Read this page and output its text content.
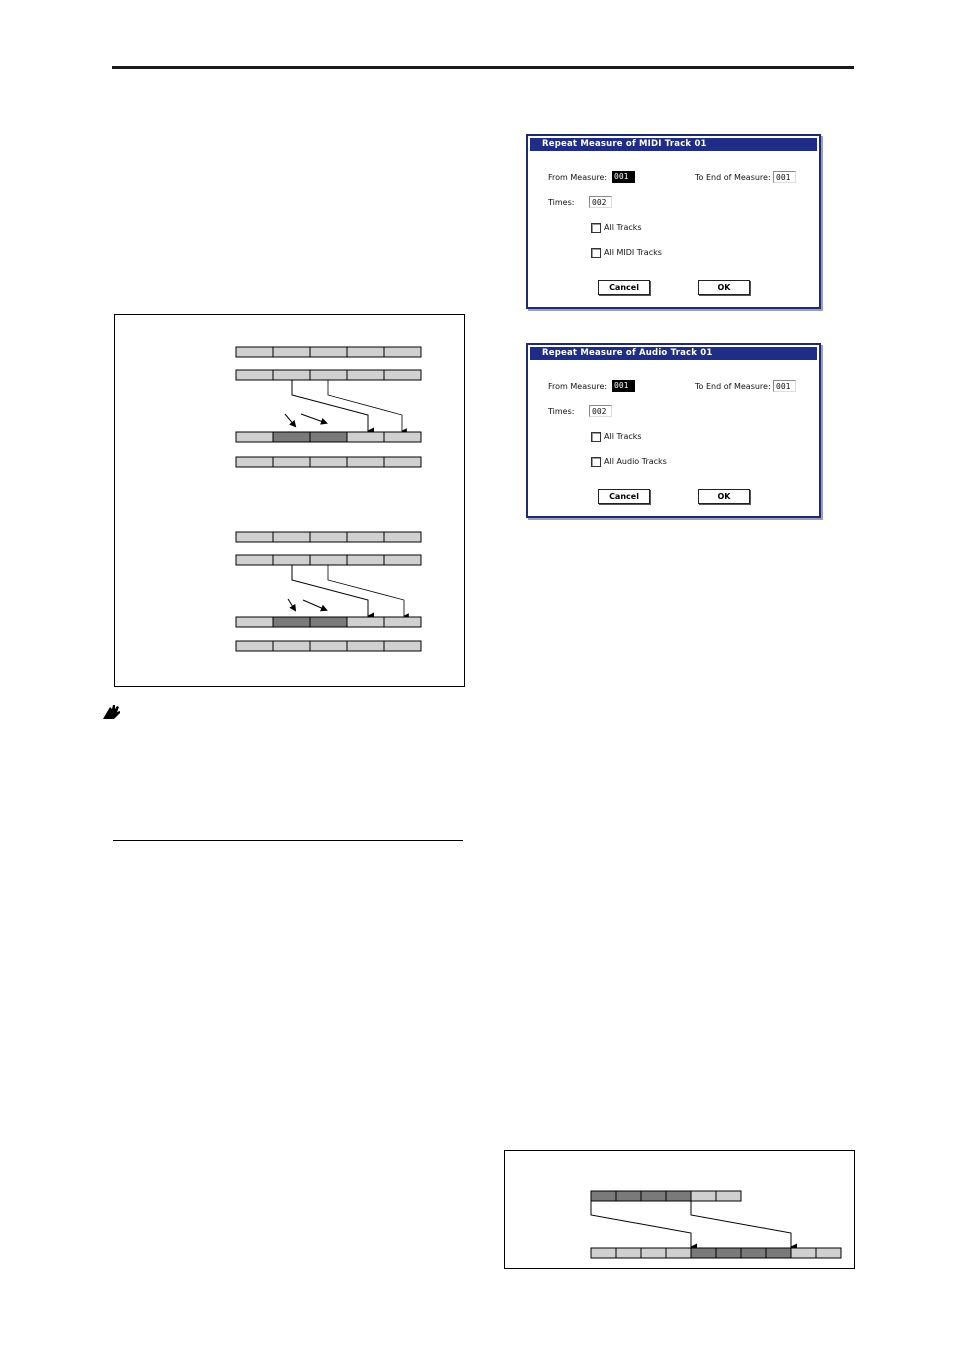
Repeat Measure of MIDI Track 01
From Measure: 001	To End of Measure: 001
Times:	002
All Tracks
All MIDI Tracks
Cancel	OK
Repeat Measure of Audio Track 01
From Measure: 001	To End of Measure: 001
Times:	002
All Tracks
All Audio Tracks
Cancel	OK
